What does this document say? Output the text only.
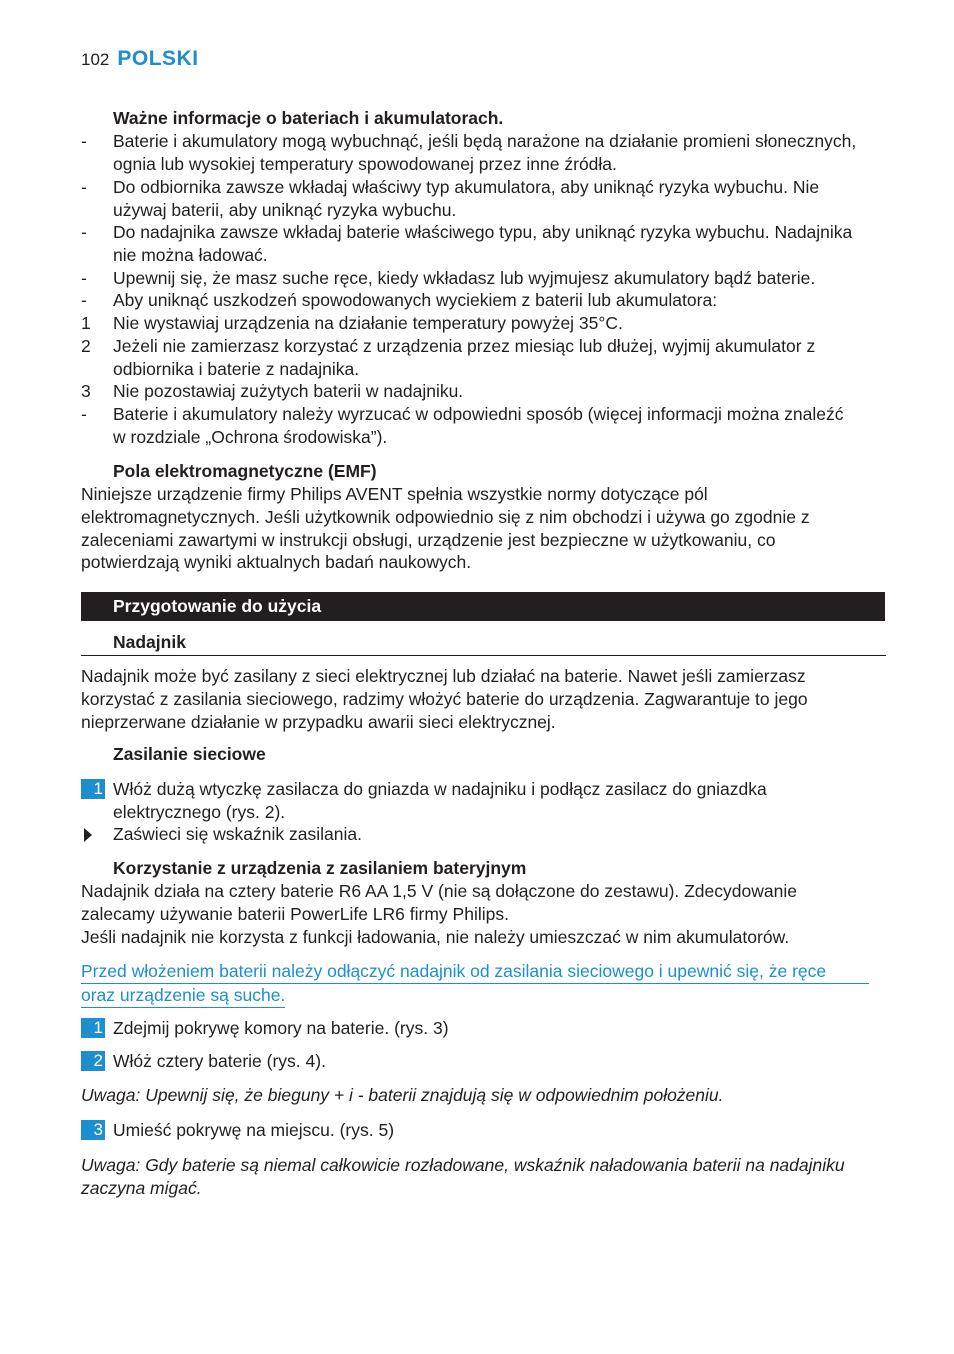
102 POLSKI
Ważne informacje o bateriach i akumulatorach.
-	Baterie i akumulatory mogą wybuchnąć, jeśli będą narażone na działanie promieni słonecznych,
ognia lub wysokiej temperatury spowodowanej przez inne źródła.
-	Do odbiornika zawsze wkładaj właściwy typ akumulatora, aby uniknąć ryzyka wybuchu. Nie
używaj baterii, aby uniknąć ryzyka wybuchu.
-	Do nadajnika zawsze wkładaj baterie właściwego typu, aby uniknąć ryzyka wybuchu. Nadajnika
nie można ładować.
-	Upewnij się, że masz suche ręce, kiedy wkładasz lub wyjmujesz akumulatory bądź baterie.
-	Aby uniknąć uszkodzeń spowodowanych wyciekiem z baterii lub akumulatora:
1	Nie wystawiaj urządzenia na działanie temperatury powyżej 35°C.
2	Jeżeli nie zamierzasz korzystać z urządzenia przez miesiąc lub dłużej, wyjmij akumulator z
odbiornika i baterie z nadajnika.
3	Nie pozostawiaj zużytych baterii w nadajniku.
-	Baterie i akumulatory należy wyrzucać w odpowiedni sposób (więcej informacji można znaleźć
w rozdziale „Ochrona środowiska”).
Pola elektromagnetyczne (EMF)
Niniejsze urządzenie firmy Philips AVENT spełnia wszystkie normy dotyczące pól
elektromagnetycznych. Jeśli użytkownik odpowiednio się z nim obchodzi i używa go zgodnie z
zaleceniami zawartymi w instrukcji obsługi, urządzenie jest bezpieczne w użytkowaniu, co
potwierdzają wyniki aktualnych badań naukowych.
Przygotowanie do użycia
Nadajnik
Nadajnik może być zasilany z sieci elektrycznej lub działać na baterie. Nawet jeśli zamierzasz
korzystać z zasilania sieciowego, radzimy włożyć baterie do urządzenia. Zagwarantuje to jego
nieprzerwane działanie w przypadku awarii sieci elektrycznej.
Zasilanie sieciowe
1 Włóż dużą wtyczkę zasilacza do gniazda w nadajniku i podłącz zasilacz do gniazdka
elektrycznego (rys. 2).
Zaświeci się wskaźnik zasilania.
Korzystanie z urządzenia z zasilaniem bateryjnym
Nadajnik działa na cztery baterie R6 AA 1,5 V (nie są dołączone do zestawu). Zdecydowanie
zalecamy używanie baterii PowerLife LR6 firmy Philips.
Jeśli nadajnik nie korzysta z funkcji ładowania, nie należy umieszczać w nim akumulatorów.
Przed włożeniem baterii należy odłączyć nadajnik od zasilania sieciowego i upewnić się, że ręce
oraz urządzenie są suche.
1 Zdejmij pokrywę komory na baterie. (rys. 3)
2 Włóż cztery baterie (rys. 4).
Uwaga: Upewnij się, że bieguny + i - baterii znajdują się w odpowiednim położeniu.
3 Umieść pokrywę na miejscu. (rys. 5)
Uwaga: Gdy baterie są niemal całkowicie rozładowane, wskaźnik naładowania baterii na nadajniku
zaczyna migać.
